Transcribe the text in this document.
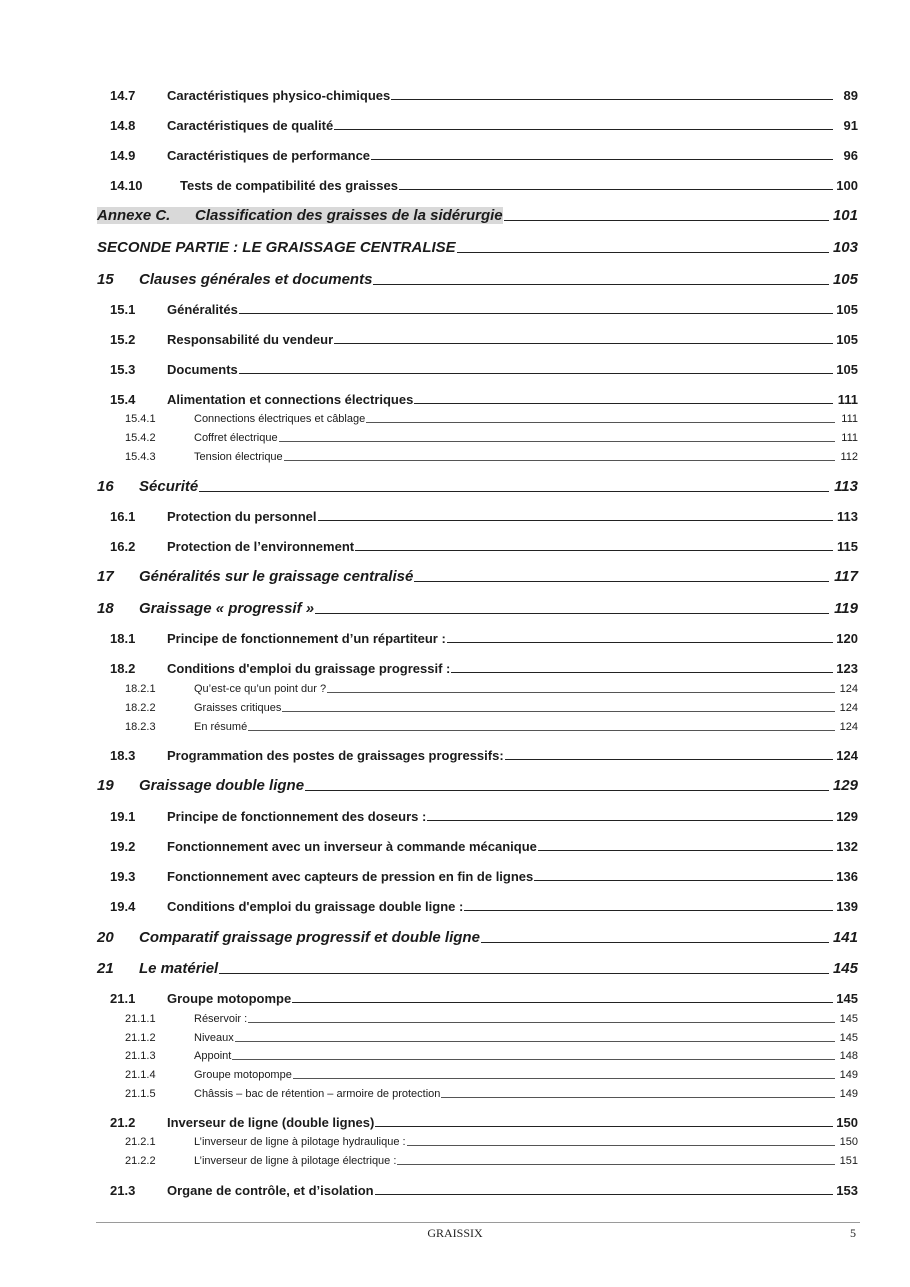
14.7	Caractéristiques physico-chimiques	89
14.8	Caractéristiques de qualité	91
14.9	Caractéristiques de performance	96
14.10	Tests de compatibilité des graisses	100
Annexe C.	Classification des graisses de la sidérurgie	101
SECONDE PARTIE : LE GRAISSAGE CENTRALISE	103
15	Clauses générales et documents	105
15.1	Généralités	105
15.2	Responsabilité du vendeur	105
15.3	Documents	105
15.4	Alimentation et connections électriques	111
15.4.1	Connections électriques et câblage	111
15.4.2	Coffret électrique	111
15.4.3	Tension électrique	112
16	Sécurité	113
16.1	Protection du personnel	113
16.2	Protection de l’environnement	115
17	Généralités sur le graissage centralisé	117
18	Graissage « progressif »	119
18.1	Principe de fonctionnement d’un répartiteur :	120
18.2	Conditions d'emploi du graissage progressif :	123
18.2.1	Qu’est-ce qu’un point dur ?	124
18.2.2	Graisses critiques	124
18.2.3	En résumé	124
18.3	Programmation des postes de graissages progressifs:	124
19	Graissage double ligne	129
19.1	Principe de fonctionnement des doseurs :	129
19.2	Fonctionnement avec un inverseur à commande mécanique	132
19.3	Fonctionnement avec capteurs de pression en fin de lignes	136
19.4	Conditions d'emploi du graissage double ligne :	139
20	Comparatif graissage progressif et double ligne	141
21	Le matériel	145
21.1	Groupe motopompe	145
21.1.1	Réservoir :	145
21.1.2	Niveaux	145
21.1.3	Appoint	148
21.1.4	Groupe motopompe	149
21.1.5	Châssis – bac de rétention – armoire de protection	149
21.2	Inverseur de ligne (double lignes)	150
21.2.1	L’inverseur de ligne à pilotage hydraulique :	150
21.2.2	L’inverseur de ligne à pilotage électrique :	151
21.3	Organe de contrôle, et d’isolation	153
GRAISSIX	5
